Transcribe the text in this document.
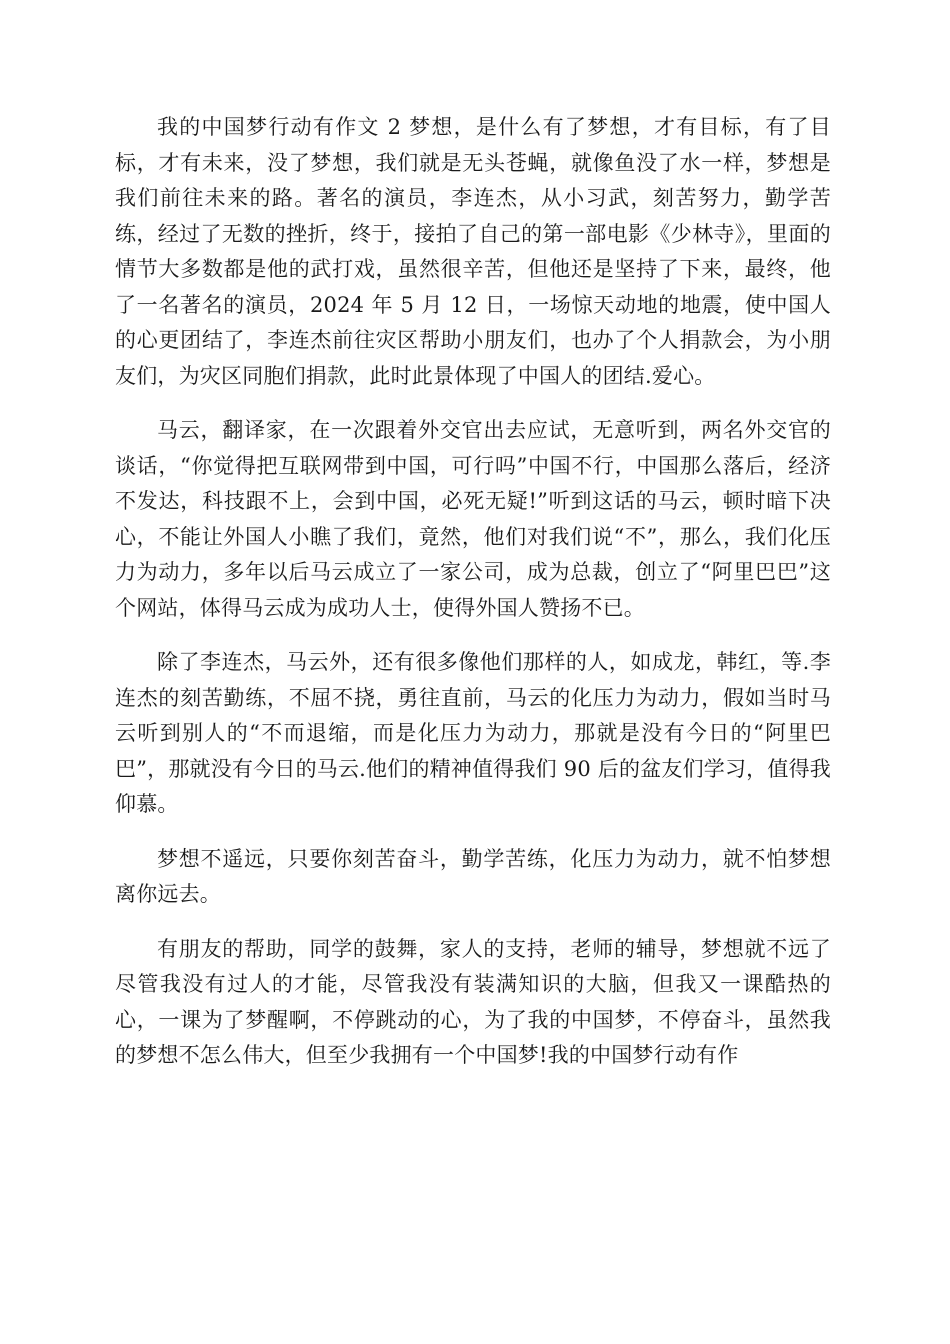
我的中国梦行动有作文 2 梦想，是什么有了梦想，才有目标，有了目标，才有未来，没了梦想，我们就是无头苍蝇，就像鱼没了水一样，梦想是我们前往未来的路。著名的演员，李连杰，从小习武，刻苦努力，勤学苦练，经过了无数的挫折，终于，接拍了自己的第一部电影《少林寺》，里面的情节大多数都是他的武打戏，虽然很辛苦，但他还是坚持了下来，最终，他了一名著名的演员，2024 年 5 月 12 日，一场惊天动地的地震，使中国人的心更团结了，李连杰前往灾区帮助小朋友们，也办了个人捐款会，为小朋友们，为灾区同胞们捐款，此时此景体现了中国人的团结.爱心。

马云，翻译家，在一次跟着外交官出去应试，无意听到，两名外交官的谈话，“你觉得把互联网带到中国，可行吗”中国不行，中国那么落后，经济不发达，科技跟不上，会到中国，必死无疑!”听到这话的马云，顿时暗下决心，不能让外国人小瞧了我们，竟然，他们对我们说“不”，那么，我们化压力为动力，多年以后马云成立了一家公司，成为总裁，创立了“阿里巴巴”这个网站，体得马云成为成功人士，使得外国人赞扬不已。

除了李连杰，马云外，还有很多像他们那样的人，如成龙，韩红，等.李连杰的刻苦勤练，不屈不挠，勇往直前，马云的化压力为动力，假如当时马云听到别人的“不而退缩，而是化压力为动力，那就是没有今日的“阿里巴巴”，那就没有今日的马云.他们的精神值得我们 90 后的盆友们学习，值得我仰慕。

梦想不遥远，只要你刻苦奋斗，勤学苦练，化压力为动力，就不怕梦想离你远去。

有朋友的帮助，同学的鼓舞，家人的支持，老师的辅导，梦想就不远了尽管我没有过人的才能，尽管我没有装满知识的大脑，但我又一课酷热的心，一课为了梦醒啊，不停跳动的心，为了我的中国梦，不停奋斗，虽然我的梦想不怎么伟大，但至少我拥有一个中国梦!我的中国梦行动有作
